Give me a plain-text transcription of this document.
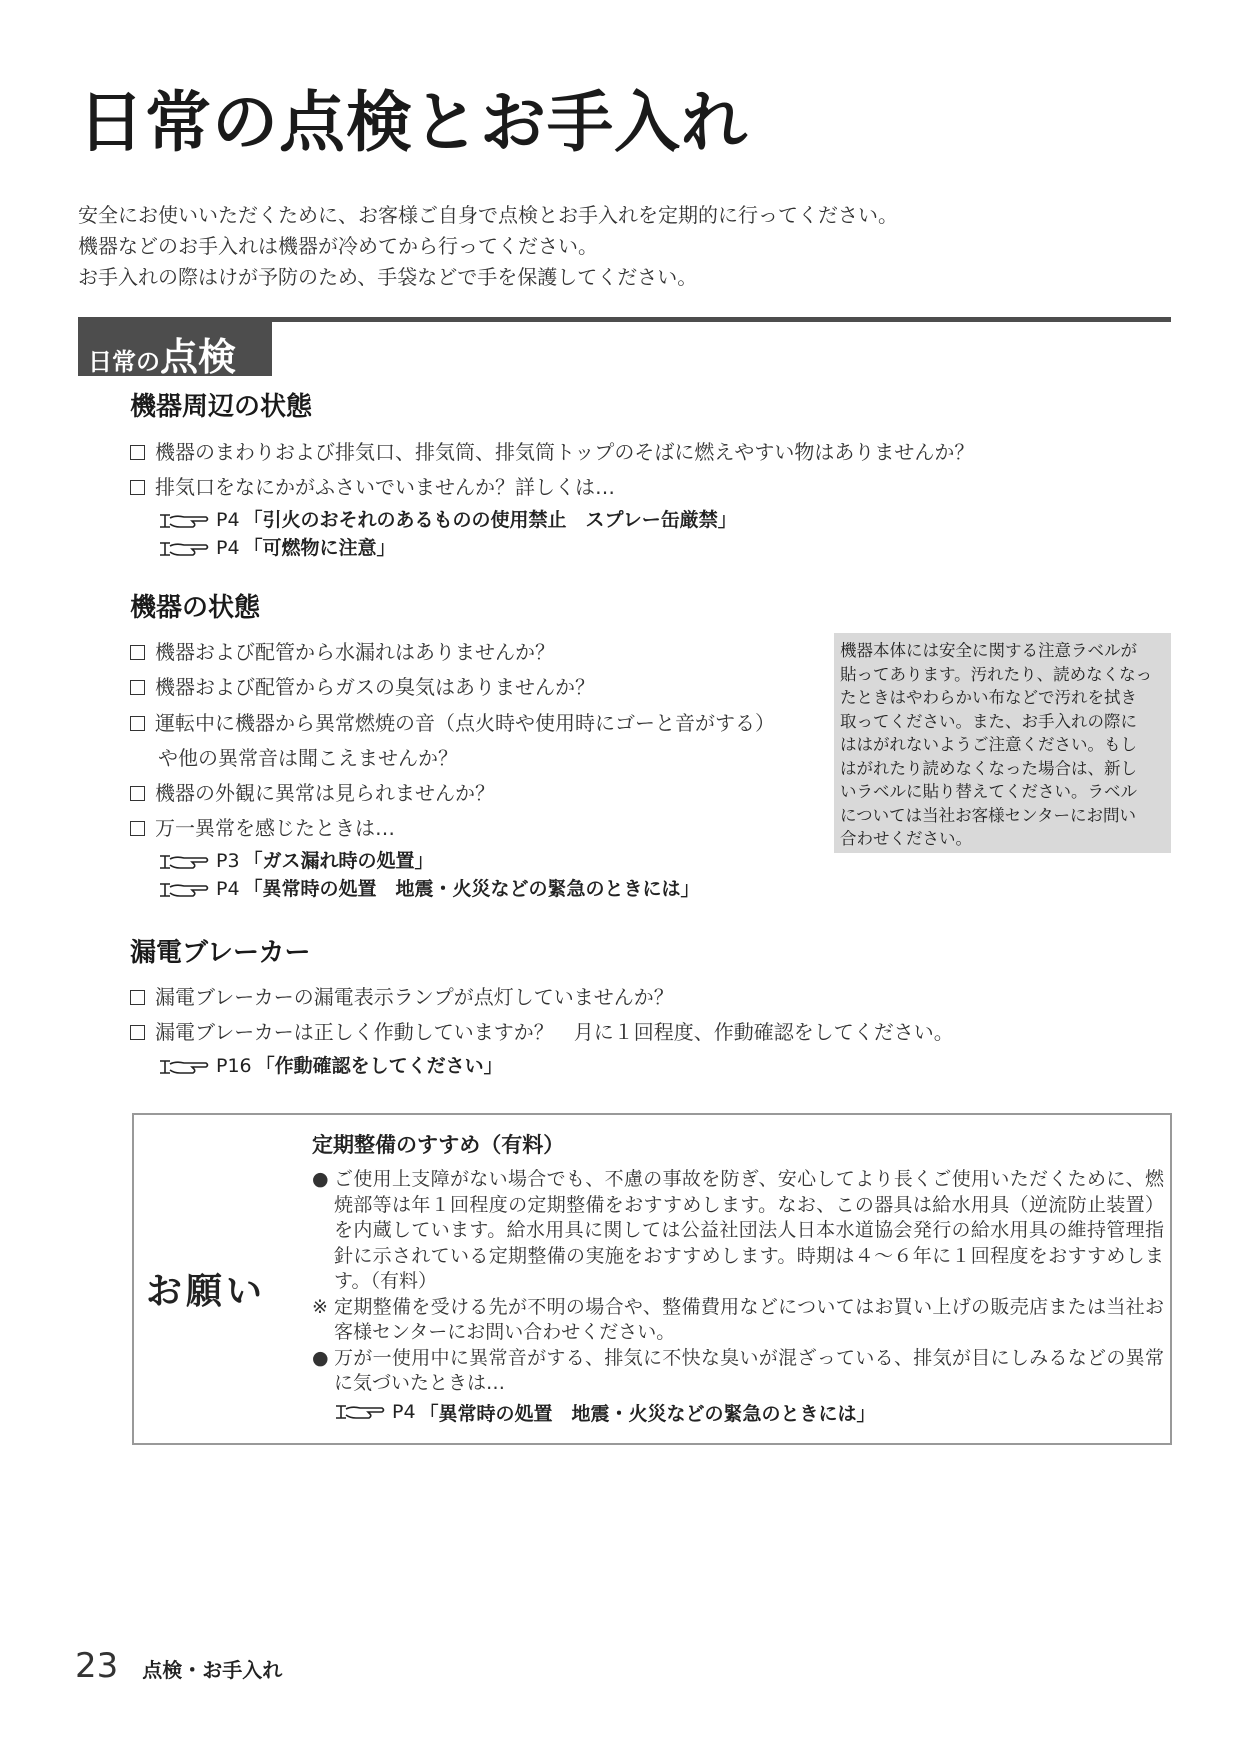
日常の点検とお手入れ
安全にお使いいただくために、お客様ご自身で点検とお手入れを定期的に行ってください。
機器などのお手入れは機器が冷めてから行ってください。
お手入れの際はけが予防のため、手袋などで手を保護してください。
日常の 点検
機器周辺の状態
機器のまわりおよび排気口、排気筒、排気筒トップのそばに燃えやすい物はありませんか？
排気口をなにかがふさいでいませんか？詳しくは…
P4 「引火のおそれのあるものの使用禁止　スプレー缶厳禁」
P4 「可燃物に注意」
機器の状態
機器および配管から水漏れはありませんか？
機器および配管からガスの臭気はありませんか？
運転中に機器から異常燃焼の音（点火時や使用時にゴーと音がする）
や他の異常音は聞こえませんか？
機器の外観に異常は見られませんか？
万一異常を感じたときは…
P3 「ガス漏れ時の処置」
P4 「異常時の処置　地震・火災などの緊急のときには」
機器本体には安全に関する注意ラベルが
貼ってあります。汚れたり、読めなくなっ
たときはやわらかい布などで汚れを拭き
取ってください。また、お手入れの際に
ははがれないようご注意ください。もし
はがれたり読めなくなった場合は、新し
いラベルに貼り替えてください。ラベル
については当社お客様センターにお問い
合わせください。
漏電ブレーカー
漏電ブレーカーの漏電表示ランプが点灯していませんか？
漏電ブレーカーは正しく作動していますか？　月に１回程度、作動確認をしてください。
P16 「作動確認をしてください」
お願い
定期整備のすすめ（有料）
● ご使用上支障がない場合でも、不慮の事故を防ぎ、安心してより長くご使用いただくために、燃焼部等は年１回程度の定期整備をおすすめします。なお、この器具は給水用具（逆流防止装置）を内蔵しています。給水用具に関しては公益社団法人日本水道協会発行の給水用具の維持管理指針に示されている定期整備の実施をおすすめします。時期は４～６年に１回程度をおすすめします。（有料）
※ 定期整備を受ける先が不明の場合や、整備費用などについてはお買い上げの販売店または当社お客様センターにお問い合わせください。
● 万が一使用中に異常音がする、排気に不快な臭いが混ざっている、排気が目にしみるなどの異常に気づいたときは…
P4 「異常時の処置　地震・火災などの緊急のときには」
23 点検・お手入れ
